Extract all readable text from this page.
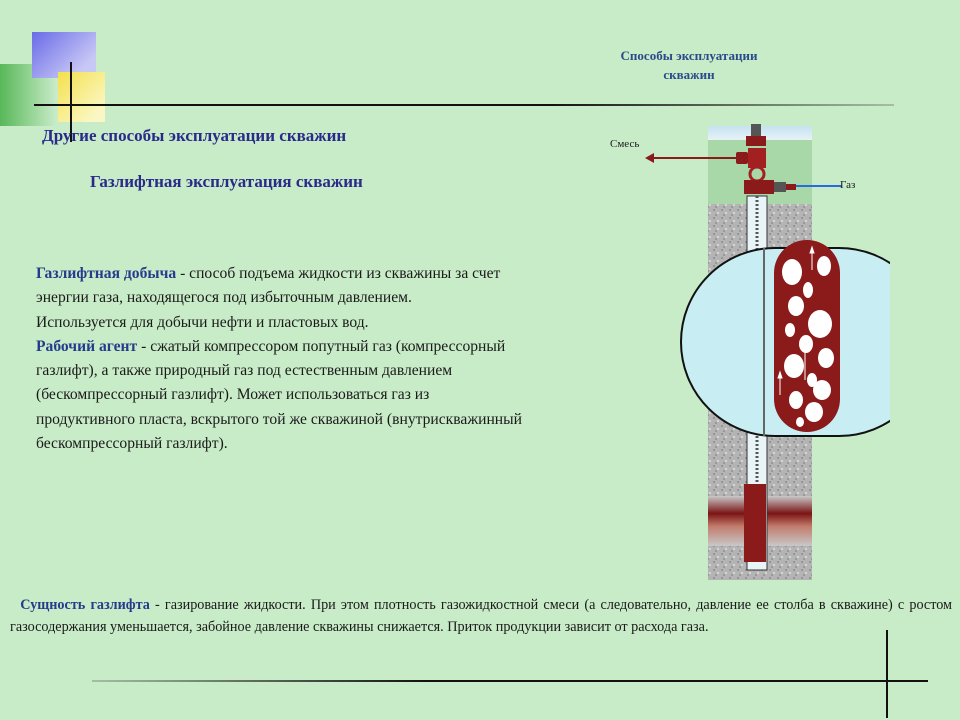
Способы эксплуатации
скважин
Другие способы эксплуатации скважин
Газлифтная эксплуатация скважин

Газлифтная добыча - способ подъема жидкости из скважины за счет энергии газа, находящегося под избыточным давлением.

Используется для добычи нефти и пластовых вод.

Рабочий агент - сжатый компрессором попутный газ (компрессорный газлифт), а также природный газ под естественным давлением (бескомпрессорный газлифт). Может использоваться газ из продуктивного пласта, вскрытого той же скважиной (внутрискважинный бескомпрессорный газлифт).

Сущность газлифта - газирование жидкости. При этом плотность газожидкостной смеси (а следовательно, давление ее столба в скважине) с ростом газосодержания уменьшается, забойное давление скважины снижается. Приток продукции зависит от расхода газа.
Смесь
Газ
